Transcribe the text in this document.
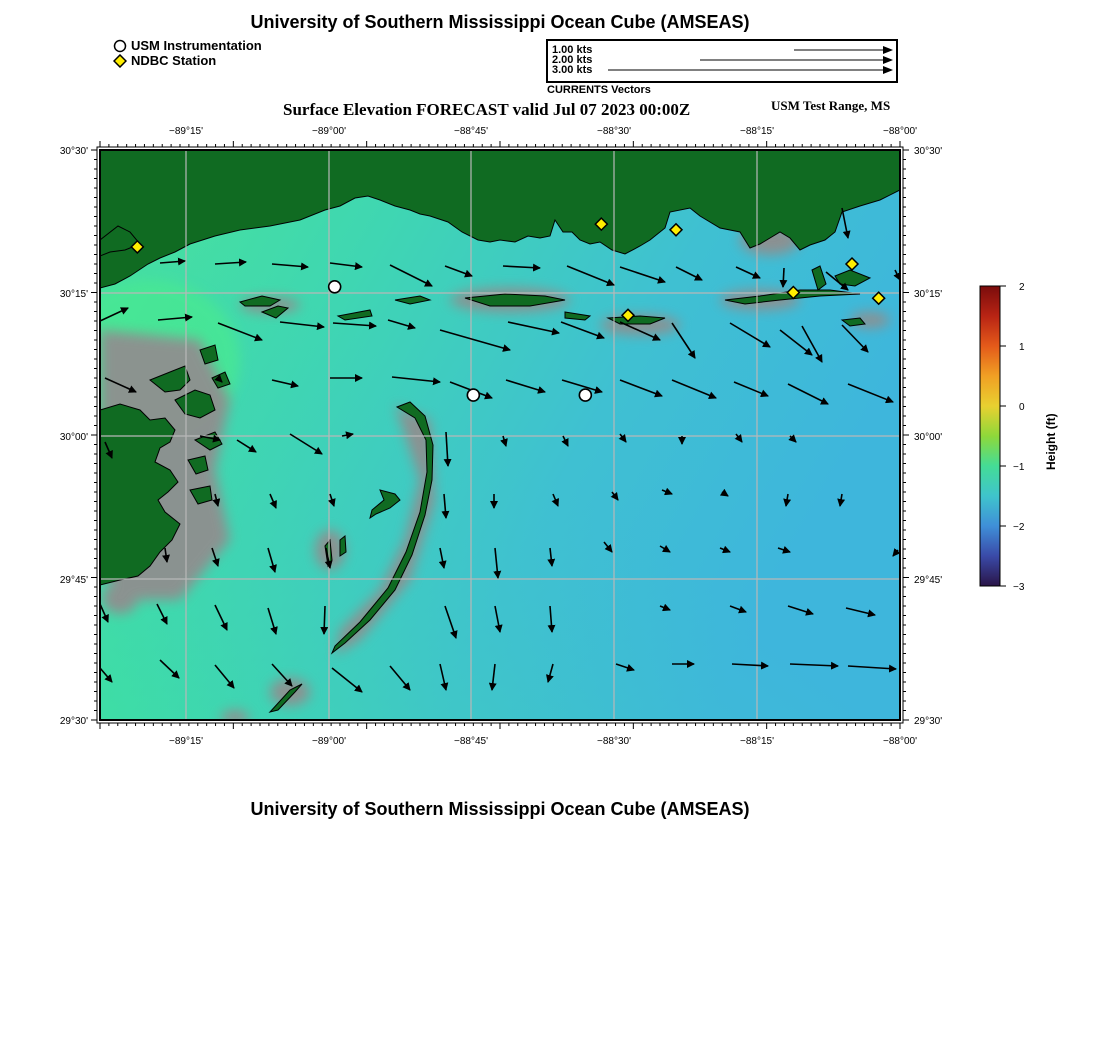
University of Southern Mississippi Ocean Cube (AMSEAS)
USM Instrumentation
NDBC Station
1.00 kts
2.00 kts
3.00 kts
CURRENTS Vectors
Surface Elevation FORECAST valid Jul 07 2023 00:00Z	USM Test Range, MS
−89°15'	−89°00'	−88°45'	−88°30'	−88°15'	−88°00'
−89°15'	−89°00'	−88°45'	−88°30'	−88°15'	−88°00'
30°30'
30°15'
30°00'
29°45'
29°30'
30°30'
30°15'
30°00'
29°45'
29°30'
2
1
0
−1
−2
−3
Height (ft)
University of Southern Mississippi Ocean Cube (AMSEAS)
